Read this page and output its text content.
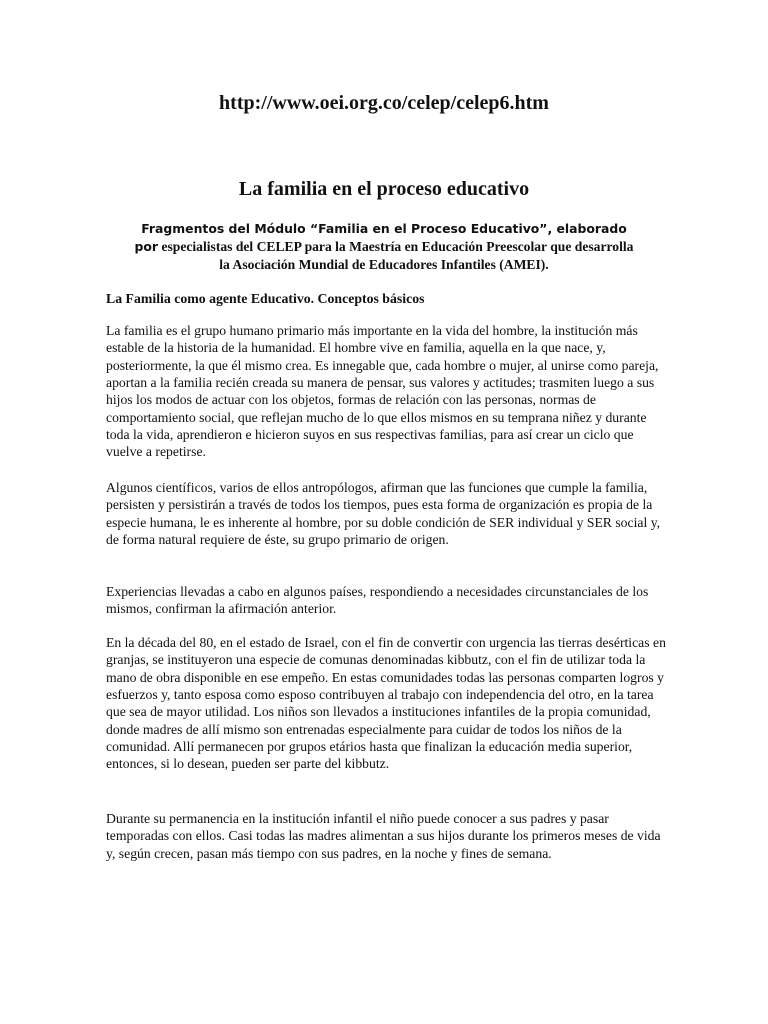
http://www.oei.org.co/celep/celep6.htm
La familia en el proceso educativo
Fragmentos del Módulo “Familia en el Proceso Educativo”, elaborado por especialistas del CELEP para la Maestría en Educación Preescolar que desarrolla la Asociación Mundial de Educadores Infantiles (AMEI).
La Familia como agente Educativo. Conceptos básicos

La familia es el grupo humano primario más importante en la vida del hombre, la institución más estable de la historia de la humanidad. El hombre vive en familia, aquella en la que nace, y, posteriormente, la que él mismo crea. Es innegable que, cada hombre o mujer, al unirse como pareja, aportan a la familia recién creada su manera de pensar, sus valores y actitudes; trasmiten luego a sus hijos los modos de actuar con los objetos, formas de relación con las personas, normas de comportamiento social, que reflejan mucho de lo que ellos mismos en su temprana niñez y durante toda la vida, aprendieron e hicieron suyos en sus respectivas familias, para así crear un ciclo que vuelve a repetirse.

Algunos científicos, varios de ellos antropólogos, afirman que las funciones que cumple la familia, persisten y persistirán a través de todos los tiempos, pues esta forma de organización es propia de la especie humana, le es inherente al hombre, por su doble condición de SER individual y SER social y, de forma natural requiere de éste, su grupo primario de origen.

Experiencias llevadas a cabo en algunos países, respondiendo a necesidades circunstanciales de los mismos, confirman la afirmación anterior.

En la década del 80, en el estado de Israel, con el fin de convertir con urgencia las tierras desérticas en granjas, se instituyeron una especie de comunas denominadas kibbutz, con el fin de utilizar toda la mano de obra disponible en ese empeño. En estas comunidades todas las personas comparten logros y esfuerzos y, tanto esposa como esposo contribuyen al trabajo con independencia del otro, en la tarea que sea de mayor utilidad. Los niños son llevados a instituciones infantiles de la propia comunidad, donde madres de allí mismo son entrenadas especialmente para cuidar de todos los niños de la comunidad. Allí permanecen por grupos etários hasta que finalizan la educación media superior, entonces, si lo desean, pueden ser parte del kibbutz.

Durante su permanencia en la institución infantil el niño puede conocer a sus padres y pasar temporadas con ellos. Casi todas las madres alimentan a sus hijos durante los primeros meses de vida y, según crecen, pasan más tiempo con sus padres, en la noche y fines de semana.
